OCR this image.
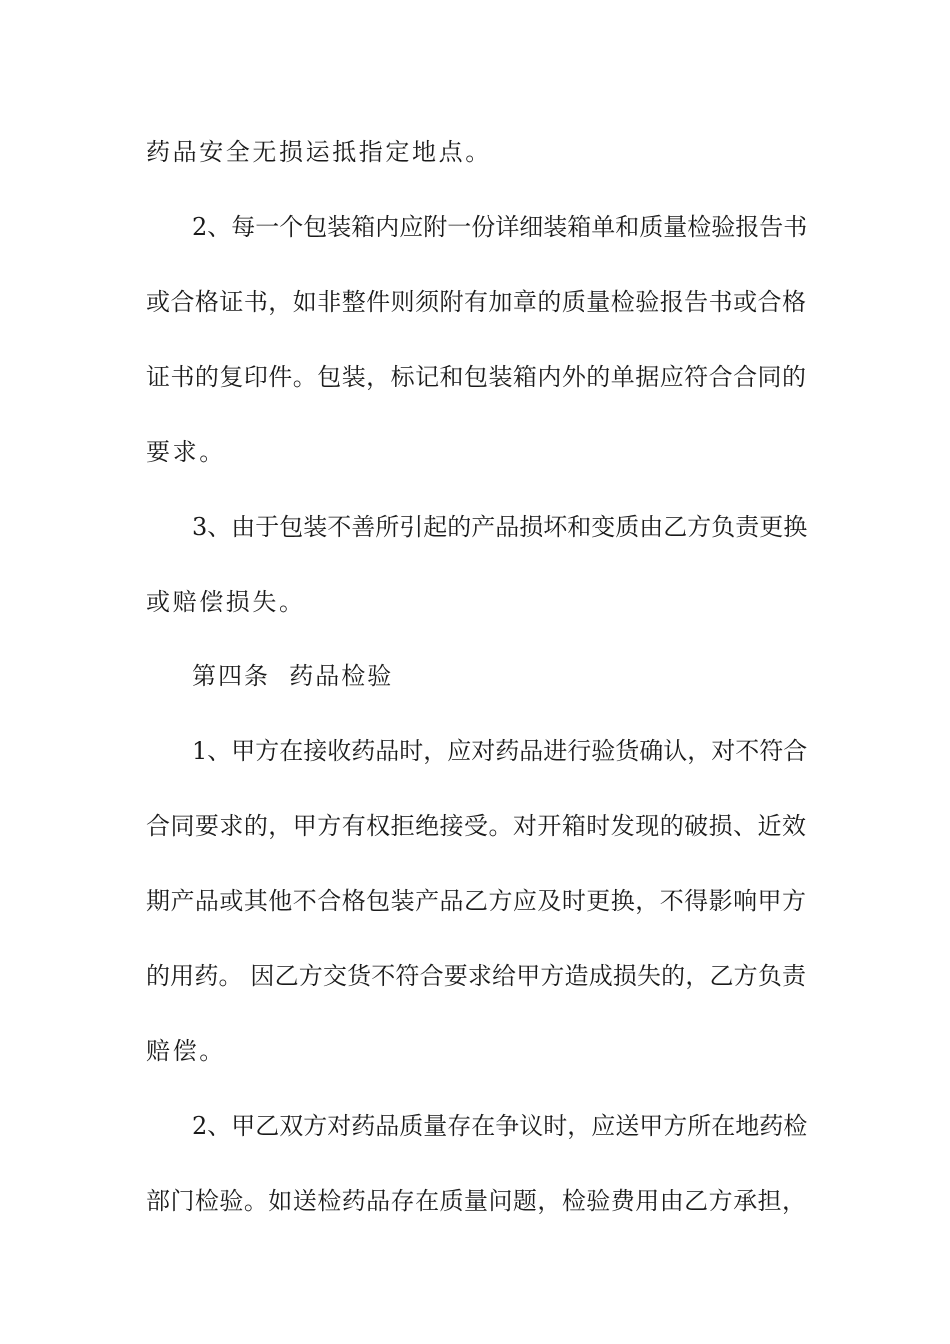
药品安全无损运抵指定地点。
2、每一个包装箱内应附一份详细装箱单和质量检验报告书
或合格证书，如非整件则须附有加章的质量检验报告书或合格
证书的复印件。包装，标记和包装箱内外的单据应符合合同的
要求。
3、由于包装不善所引起的产品损坏和变质由乙方负责更换
或赔偿损失。
第四条  药品检验
1、甲方在接收药品时，应对药品进行验货确认，对不符合
合同要求的，甲方有权拒绝接受。对开箱时发现的破损、近效
期产品或其他不合格包装产品乙方应及时更换，不得影响甲方
的用药。 因乙方交货不符合要求给甲方造成损失的，乙方负责
赔偿。
2、甲乙双方对药品质量存在争议时，应送甲方所在地药检
部门检验。如送检药品存在质量问题，检验费用由乙方承担，
